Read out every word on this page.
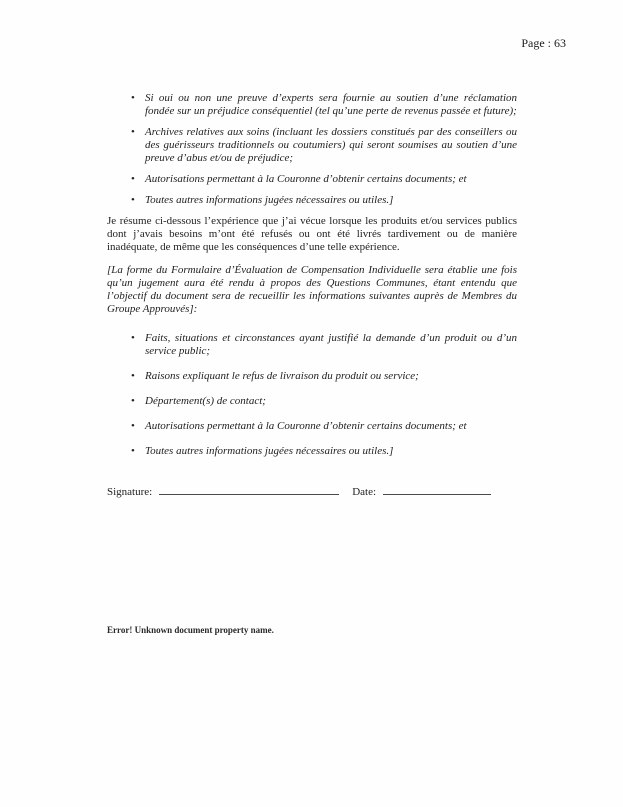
Page : 63
• Si oui ou non une preuve d’experts sera fournie au soutien d’une réclamation fondée sur un préjudice conséquentiel (tel qu’une perte de revenus passée et future);
• Archives relatives aux soins (incluant les dossiers constitués par des conseillers ou des guérisseurs traditionnels ou coutumiers) qui seront soumises au soutien d’une preuve d’abus et/ou de préjudice;
• Autorisations permettant à la Couronne d’obtenir certains documents; et
• Toutes autres informations jugées nécessaires ou utiles.]

Je résume ci-dessous l’expérience que j’ai vécue lorsque les produits et/ou services publics dont j’avais besoins m’ont été refusés ou ont été livrés tardivement ou de manière inadéquate, de même que les conséquences d’une telle expérience.

[La forme du Formulaire d’Évaluation de Compensation Individuelle sera établie une fois qu’un jugement aura été rendu à propos des Questions Communes, étant entendu que l’objectif du document sera de recueillir les informations suivantes auprès de Membres du Groupe Approuvés]:

• Faits, situations et circonstances ayant justifié la demande d’un produit ou d’un service public;
• Raisons expliquant le refus de livraison du produit ou service;
• Département(s) de contact;
• Autorisations permettant à la Couronne d’obtenir certains documents; et
• Toutes autres informations jugées nécessaires ou utiles.]
Signature:	Date:
Error! Unknown document property name.
